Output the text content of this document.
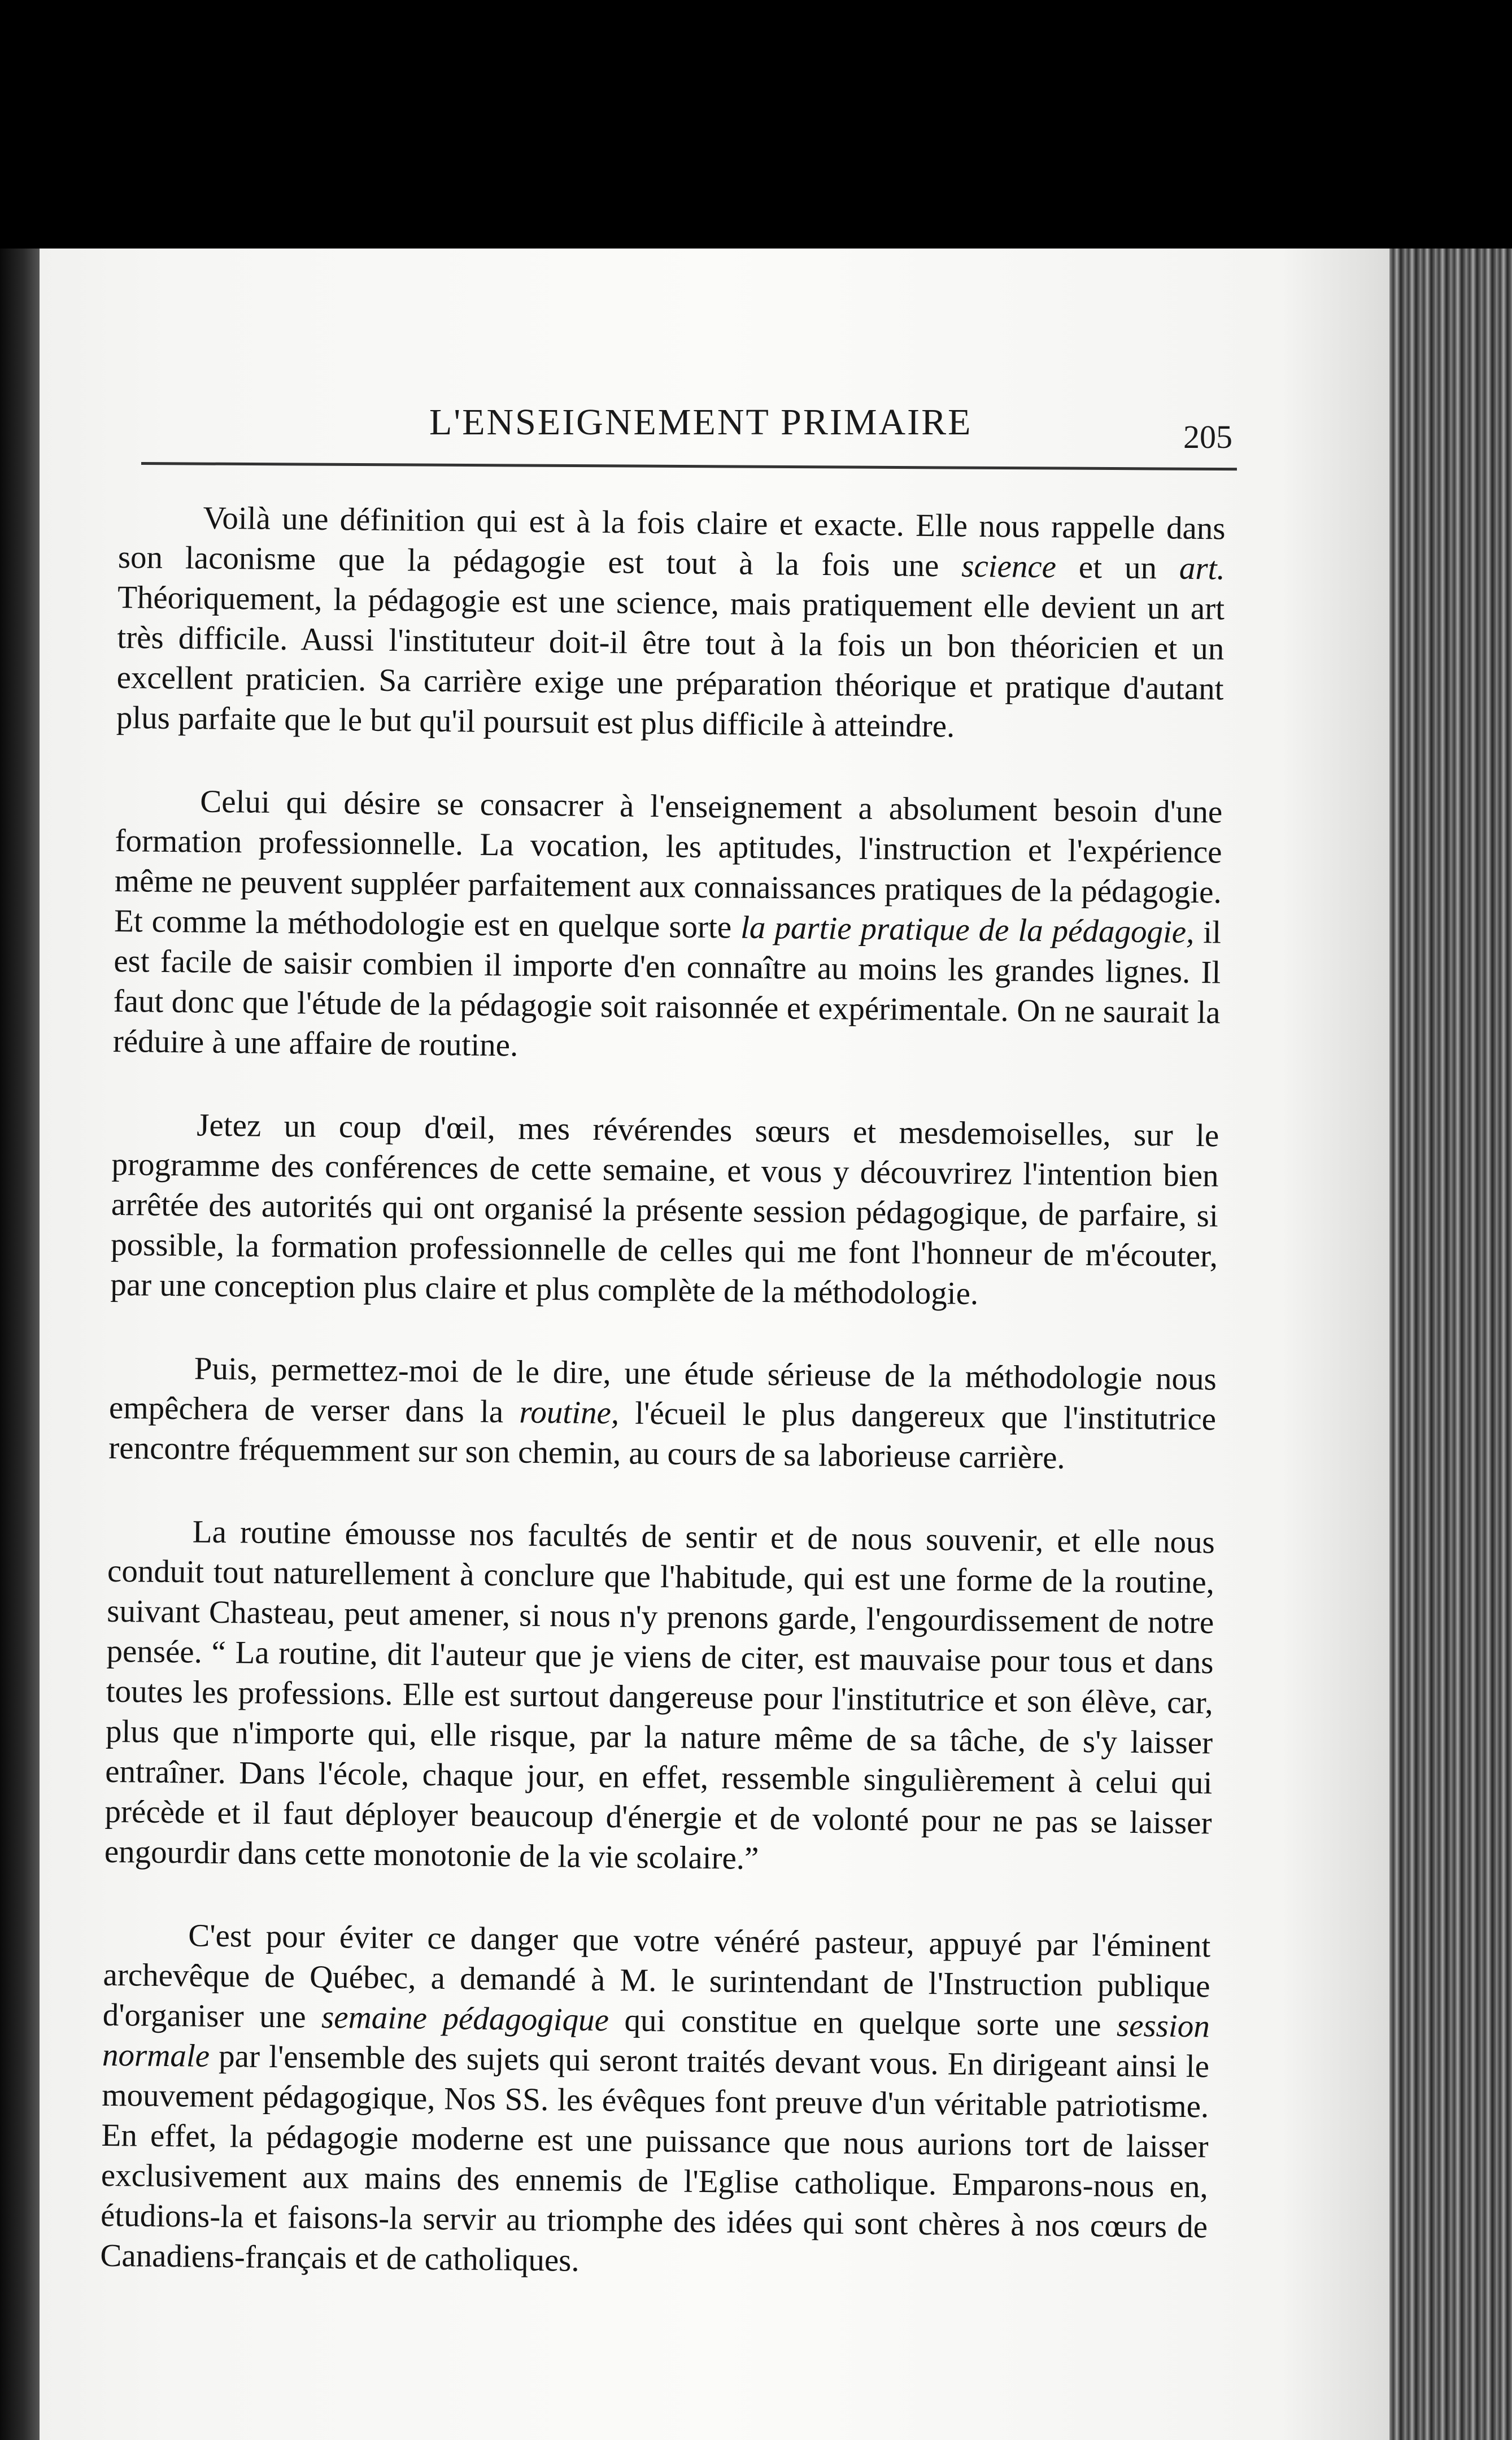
L'ENSEIGNEMENT PRIMAIRE	205

Voilà une définition qui est à la fois claire et exacte. Elle nous rappelle dans son laconisme que la pédagogie est tout à la fois une science et un art. Théoriquement, la pédagogie est une science, mais pratiquement elle devient un art très difficile. Aussi l'instituteur doit-il être tout à la fois un bon théoricien et un excellent praticien. Sa carrière exige une préparation théorique et pratique d'autant plus parfaite que le but qu'il poursuit est plus difficile à atteindre.

Celui qui désire se consacrer à l'enseignement a absolument besoin d'une formation professionnelle. La vocation, les aptitudes, l'instruction et l'expérience même ne peuvent suppléer parfaitement aux connaissances pratiques de la pédagogie. Et comme la méthodologie est en quelque sorte la partie pratique de la pédagogie, il est facile de saisir combien il importe d'en connaître au moins les grandes lignes. Il faut donc que l'étude de la pédagogie soit raisonnée et expérimentale. On ne saurait la réduire à une affaire de routine.

Jetez un coup d'œil, mes révérendes sœurs et mesdemoiselles, sur le programme des conférences de cette semaine, et vous y découvrirez l'intention bien arrêtée des autorités qui ont organisé la présente session pédagogique, de parfaire, si possible, la formation professionnelle de celles qui me font l'honneur de m'écouter, par une conception plus claire et plus complète de la méthodologie.

Puis, permettez-moi de le dire, une étude sérieuse de la méthodologie nous empêchera de verser dans la routine, l'écueil le plus dangereux que l'institutrice rencontre fréquemment sur son chemin, au cours de sa laborieuse carrière.

La routine émousse nos facultés de sentir et de nous souvenir, et elle nous conduit tout naturellement à conclure que l'habitude, qui est une forme de la routine, suivant Chasteau, peut amener, si nous n'y prenons garde, l'engourdissement de notre pensée. “ La routine, dit l'auteur que je viens de citer, est mauvaise pour tous et dans toutes les professions. Elle est surtout dangereuse pour l'institutrice et son élève, car, plus que n'importe qui, elle risque, par la nature même de sa tâche, de s'y laisser entraîner. Dans l'école, chaque jour, en effet, ressemble singulièrement à celui qui précède et il faut déployer beaucoup d'énergie et de volonté pour ne pas se laisser engourdir dans cette monotonie de la vie scolaire.”

C'est pour éviter ce danger que votre vénéré pasteur, appuyé par l'éminent archevêque de Québec, a demandé à M. le surintendant de l'Instruction publique d'organiser une semaine pédagogique qui constitue en quelque sorte une session normale par l'ensemble des sujets qui seront traités devant vous. En dirigeant ainsi le mouvement pédagogique, Nos SS. les évêques font preuve d'un véritable patriotisme. En effet, la pédagogie moderne est une puissance que nous aurions tort de laisser exclusivement aux mains des ennemis de l'Eglise catholique. Emparons-nous en, étudions-la et faisons-la servir au triomphe des idées qui sont chères à nos cœurs de Canadiens-français et de catholiques.
